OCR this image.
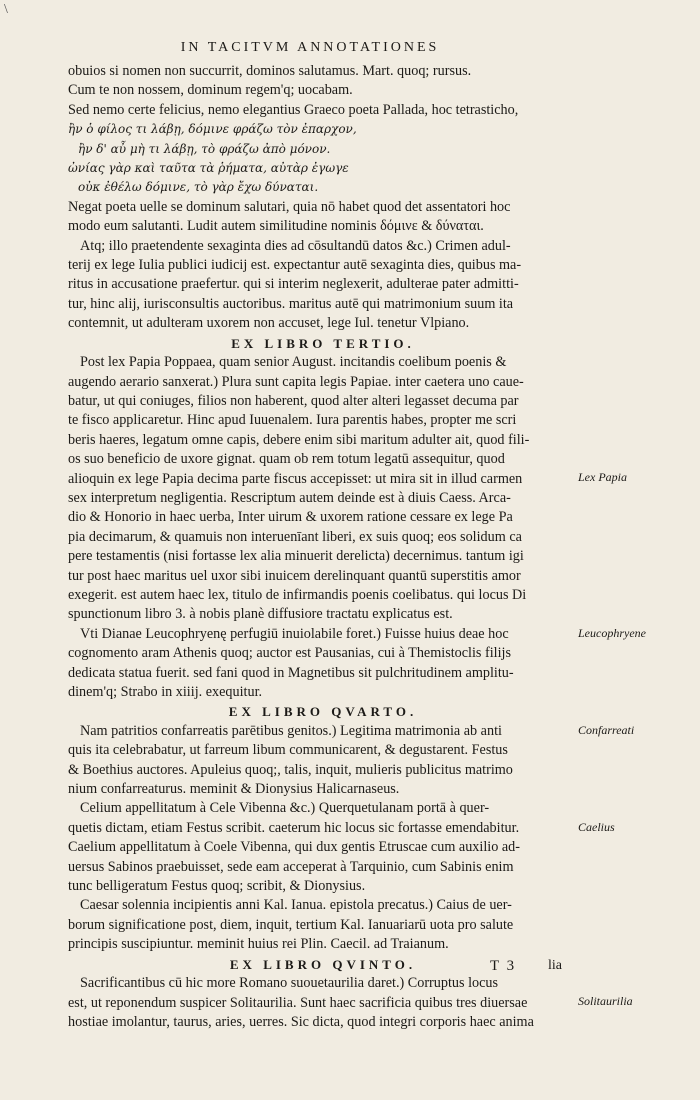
\
IN TACITVM ANNOTATIONES

obuios si nomen non succurrit, dominos salutamus. Mart. quoq; rursus.

Cum te non nossem, dominum regem'q; uocabam.

Sed nemo certe felicius, nemo elegantius Graeco poeta Pallada, hoc tetrasticho,

ἢν ὁ φίλος τι λάβῃ, δόμινε φράζω τὸν ἐπαρχον,

ἢν δ' αὖ μὴ τι λάβῃ, τὸ φράζω ἀπὸ μόνον.

ὠνίας γὰρ καὶ ταῦτα τὰ ῥήματα, αὐτὰρ ἐγωγε

οὐκ ἐθέλω δόμινε, τὸ γὰρ ἔχω δύναται.

Negat poeta uelle se dominum salutari, quia nō habet quod det assentatori hoc

modo eum salutanti. Ludit autem similitudine nominis δόμινε & δύναται.

Atq; illo praetendente sexaginta dies ad cōsultandū datos &c.) Crimen adul-

terij ex lege Iulia publici iudicij est. expectantur autē sexaginta dies, quibus ma-

ritus in accusatione praefertur. qui si interim neglexerit, adulterae pater admitti-

tur, hinc alij, iurisconsultis auctoribus. maritus autē qui matrimonium suum ita

contemnit, ut adulteram uxorem non accuset, lege Iul. tenetur Vlpiano.

EX LIBRO TERTIO.

Post lex Papia Poppaea, quam senior August. incitandis coelibum poenis &

augendo aerario sanxerat.) Plura sunt capita legis Papiae. inter caetera uno caue-

batur, ut qui coniuges, filios non haberent, quod alter alteri legasset decuma par

te fisco applicaretur. Hinc apud Iuuenalem. Iura parentis habes, propter me scri

beris haeres, legatum omne capis, debere enim sibi maritum adulter ait, quod fili-

os suo beneficio de uxore gignat. quam ob rem totum legatū assequitur, quod

alioquin ex lege Papia decima parte fiscus accepisset: ut mira sit in illud carmen

sex interpretum negligentia. Rescriptum autem deinde est à diuis Caess. Arca-

dio & Honorio in haec uerba, Inter uirum & uxorem ratione cessare ex lege Pa

pia decimarum, & quamuis non interuenīant liberi, ex suis quoq; eos solidum ca

pere testamentis (nisi fortasse lex alia minuerit derelicta) decernimus. tantum igi

tur post haec maritus uel uxor sibi inuicem derelinquant quantū superstitis amor

exegerit. est autem haec lex, titulo de infirmandis poenis coelibatus. qui locus Di

spunctionum libro 3. à nobis planè diffusiore tractatu explicatus est.

Vti Dianae Leucophryenę perfugiū inuiolabile foret.) Fuisse huius deae hoc

cognomento aram Athenis quoq; auctor est Pausanias, cui à Themistoclis filijs

dedicata statua fuerit. sed fani quod in Magnetibus sit pulchritudinem amplitu-

dinem'q; Strabo in xiiij. exequitur.

EX LIBRO QVARTO.

Nam patritios confarreatis parētibus genitos.) Legitima matrimonia ab anti

quis ita celebrabatur, ut farreum libum communicarent, & degustarent. Festus

& Boethius auctores. Apuleius quoq;, talis, inquit, mulieris publicitus matrimo

nium confarreaturus. meminit & Dionysius Halicarnaseus.

Celium appellitatum à Cele Vibenna &c.) Querquetulanam portā à quer-

quetis dictam, etiam Festus scribit. caeterum hic locus sic fortasse emendabitur.

Caelium appellitatum à Coele Vibenna, qui dux gentis Etruscae cum auxilio ad-

uersus Sabinos praebuisset, sede eam acceperat à Tarquinio, cum Sabinis enim

tunc belligeratum Festus quoq; scribit, & Dionysius.

Caesar solennia incipientis anni Kal. Ianua. epistola precatus.) Caius de uer-

borum significatione post, diem, inquit, tertium Kal. Ianuariarū uota pro salute

principis suscipiuntur. meminit huius rei Plin. Caecil. ad Traianum.

EX LIBRO QVINTO.

Sacrificantibus cū hic more Romano suouetaurilia daret.) Corruptus locus

est, ut reponendum suspicer Solitaurilia. Sunt haec sacrificia quibus tres diuersae

hostiae imolantur, taurus, aries, uerres. Sic dicta, quod integri corporis haec anima

Lex Papia
Leucophryene
Confarreati
Caelius
Solitaurilia
T 3 lia
